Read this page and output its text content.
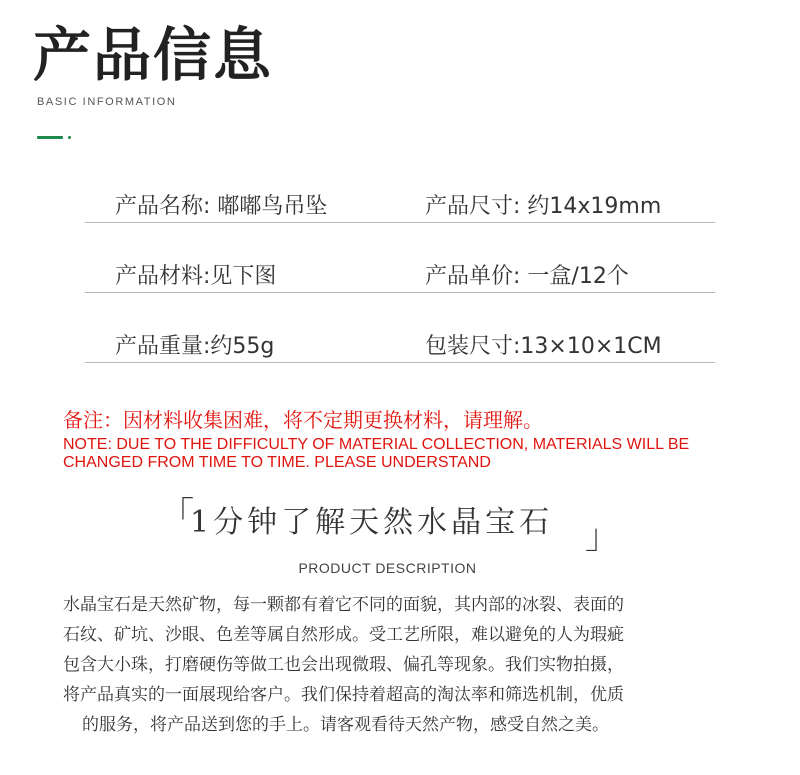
产品信息
BASIC INFORMATION
产品名称: 嘟嘟鸟吊坠	产品尺寸: 约14x19mm
产品材料:见下图	产品单价: 一盒/12个
产品重量:约55g	包装尺寸:13×10×1CM
备注：因材料收集困难，将不定期更换材料，请理解。
NOTE: DUE TO THE DIFFICULTY OF MATERIAL COLLECTION, MATERIALS WILL BE CHANGED FROM TIME TO TIME. PLEASE UNDERSTAND
「
1分钟了解天然水晶宝石 」
PRODUCT DESCRIPTION
水晶宝石是天然矿物，每一颗都有着它不同的面貌，其内部的冰裂、表面的
石纹、矿坑、沙眼、色差等属自然形成。受工艺所限，难以避免的人为瑕疵
包含大小珠，打磨硬伤等做工也会出现微瑕、偏孔等现象。我们实物拍摄，
将产品真实的一面展现给客户。我们保持着超高的淘汰率和筛选机制，优质
的服务，将产品送到您的手上。请客观看待天然产物，感受自然之美。
